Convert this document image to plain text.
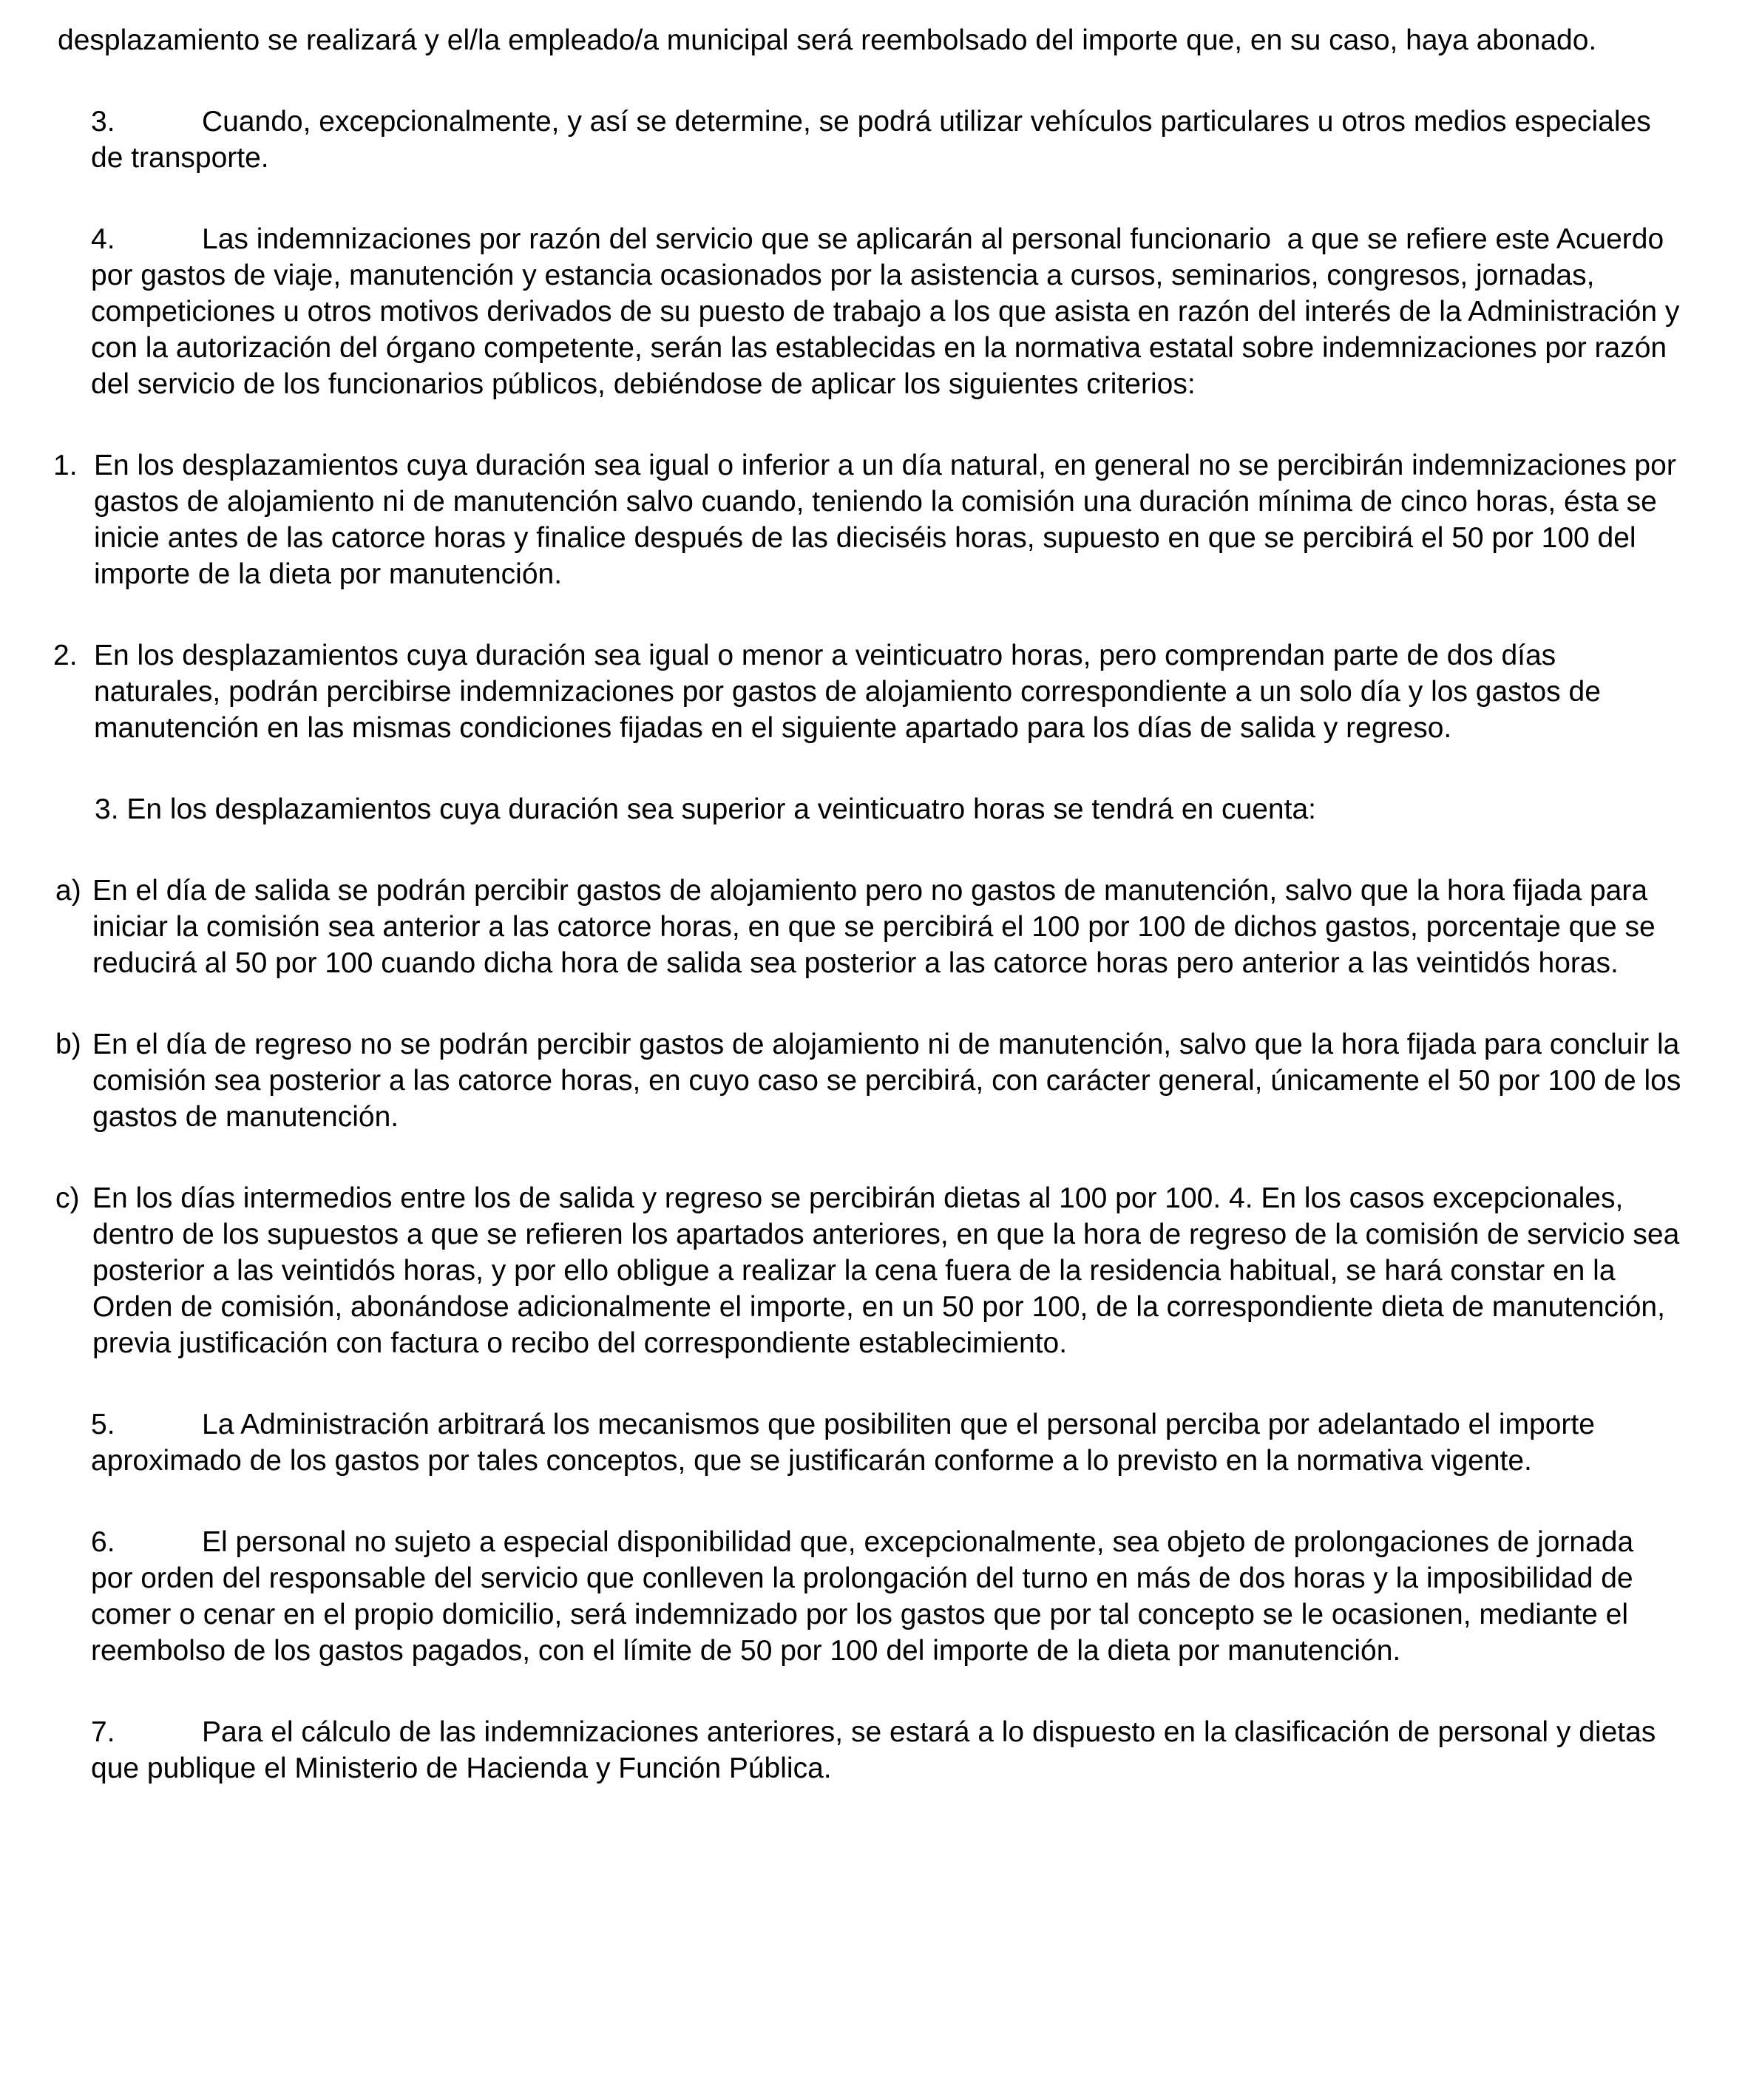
desplazamiento se realizará y el/la empleado/a municipal será reembolsado del importe que, en su caso, haya abonado.

3.	Cuando, excepcionalmente, y así se determine, se podrá utilizar vehículos particulares u otros medios especiales de transporte.

4.	Las indemnizaciones por razón del servicio que se aplicarán al personal funcionario  a que se refiere este Acuerdo por gastos de viaje, manutención y estancia ocasionados por la asistencia a cursos, seminarios, congresos, jornadas, competiciones u otros motivos derivados de su puesto de trabajo a los que asista en razón del interés de la Administración y con la autorización del órgano competente, serán las establecidas en la normativa estatal sobre indemnizaciones por razón del servicio de los funcionarios públicos, debiéndose de aplicar los siguientes criterios:

1. En los desplazamientos cuya duración sea igual o inferior a un día natural, en general no se percibirán indemnizaciones por gastos de alojamiento ni de manutención salvo cuando, teniendo la comisión una duración mínima de cinco horas, ésta se inicie antes de las catorce horas y finalice después de las dieciséis horas, supuesto en que se percibirá el 50 por 100 del importe de la dieta por manutención.

2. En los desplazamientos cuya duración sea igual o menor a veinticuatro horas, pero comprendan parte de dos días naturales, podrán percibirse indemnizaciones por gastos de alojamiento correspondiente a un solo día y los gastos de manutención en las mismas condiciones fijadas en el siguiente apartado para los días de salida y regreso.

3. En los desplazamientos cuya duración sea superior a veinticuatro horas se tendrá en cuenta:

a) En el día de salida se podrán percibir gastos de alojamiento pero no gastos de manutención, salvo que la hora fijada para iniciar la comisión sea anterior a las catorce horas, en que se percibirá el 100 por 100 de dichos gastos, porcentaje que se reducirá al 50 por 100 cuando dicha hora de salida sea posterior a las catorce horas pero anterior a las veintidós horas.

b) En el día de regreso no se podrán percibir gastos de alojamiento ni de manutención, salvo que la hora fijada para concluir la comisión sea posterior a las catorce horas, en cuyo caso se percibirá, con carácter general, únicamente el 50 por 100 de los gastos de manutención.

c) En los días intermedios entre los de salida y regreso se percibirán dietas al 100 por 100. 4. En los casos excepcionales, dentro de los supuestos a que se refieren los apartados anteriores, en que la hora de regreso de la comisión de servicio sea posterior a las veintidós horas, y por ello obligue a realizar la cena fuera de la residencia habitual, se hará constar en la Orden de comisión, abonándose adicionalmente el importe, en un 50 por 100, de la correspondiente dieta de manutención, previa justificación con factura o recibo del correspondiente establecimiento.

5.	La Administración arbitrará los mecanismos que posibiliten que el personal perciba por adelantado el importe aproximado de los gastos por tales conceptos, que se justificarán conforme a lo previsto en la normativa vigente.

6.	El personal no sujeto a especial disponibilidad que, excepcionalmente, sea objeto de prolongaciones de jornada por orden del responsable del servicio que conlleven la prolongación del turno en más de dos horas y la imposibilidad de comer o cenar en el propio domicilio, será indemnizado por los gastos que por tal concepto se le ocasionen, mediante el reembolso de los gastos pagados, con el límite de 50 por 100 del importe de la dieta por manutención.

7.	Para el cálculo de las indemnizaciones anteriores, se estará a lo dispuesto en la clasificación de personal y dietas que publique el Ministerio de Hacienda y Función Pública.
